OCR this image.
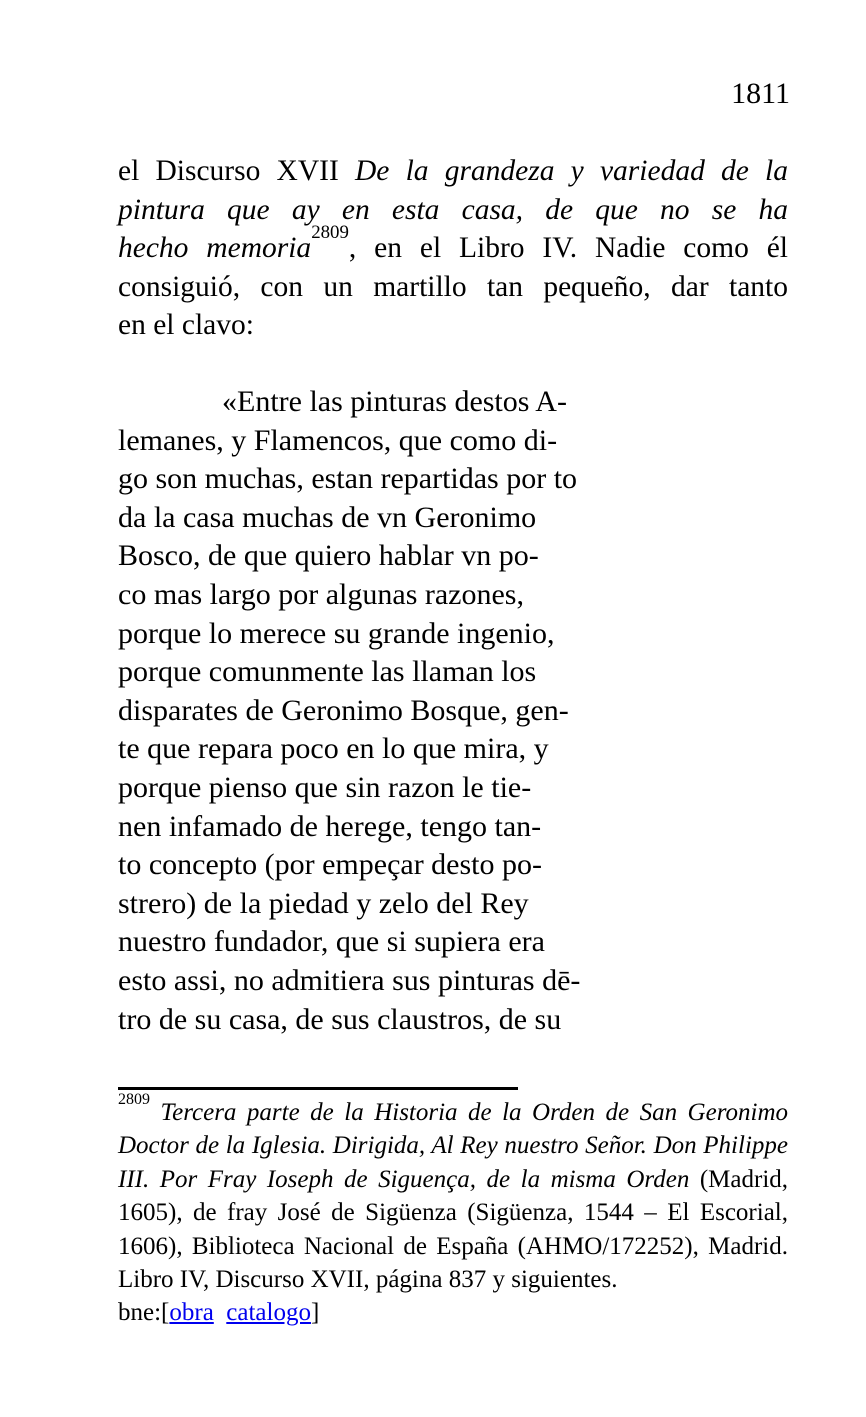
1811
el Discurso XVII De la grandeza y variedad de la
pintura que ay en esta casa, de que no se ha
hecho memoria$^{2809}$, en el Libro IV. Nadie como él
consiguió, con un martillo tan pequeño, dar tanto
en el clavo:
«Entre las pinturas destos A-
lemanes, y Flamencos, que como di-
go son muchas, estan repartidas por to
da la casa muchas de vn Geronimo
Bosco, de que quiero hablar vn po-
co mas largo por algunas razones,
porque lo merece su grande ingenio,
porque comunmente las llaman los
disparates de Geronimo Bosque, gen-
te que repara poco en lo que mira, y
porque pienso que sin razon le tie-
nen infamado de herege, tengo tan-
to concepto (por empeçar desto po-
strero) de la piedad y zelo del Rey
nuestro fundador, que si supiera era
esto assi, no admitiera sus pinturas dē-
tro de su casa, de sus claustros, de su

$^{2809}$ Tercera parte de la Historia de la Orden de San Geronimo Doctor de la Iglesia. Dirigida, Al Rey nuestro Señor. Don Philippe III. Por Fray Ioseph de Siguença, de la misma Orden (Madrid, 1605), de fray José de Sigüenza (Sigüenza, 1544 – El Escorial, 1606), Biblioteca Nacional de España (AHMO/172252), Madrid. Libro IV, Discurso XVII, página 837 y siguientes.

bne:[obra catalogo]
